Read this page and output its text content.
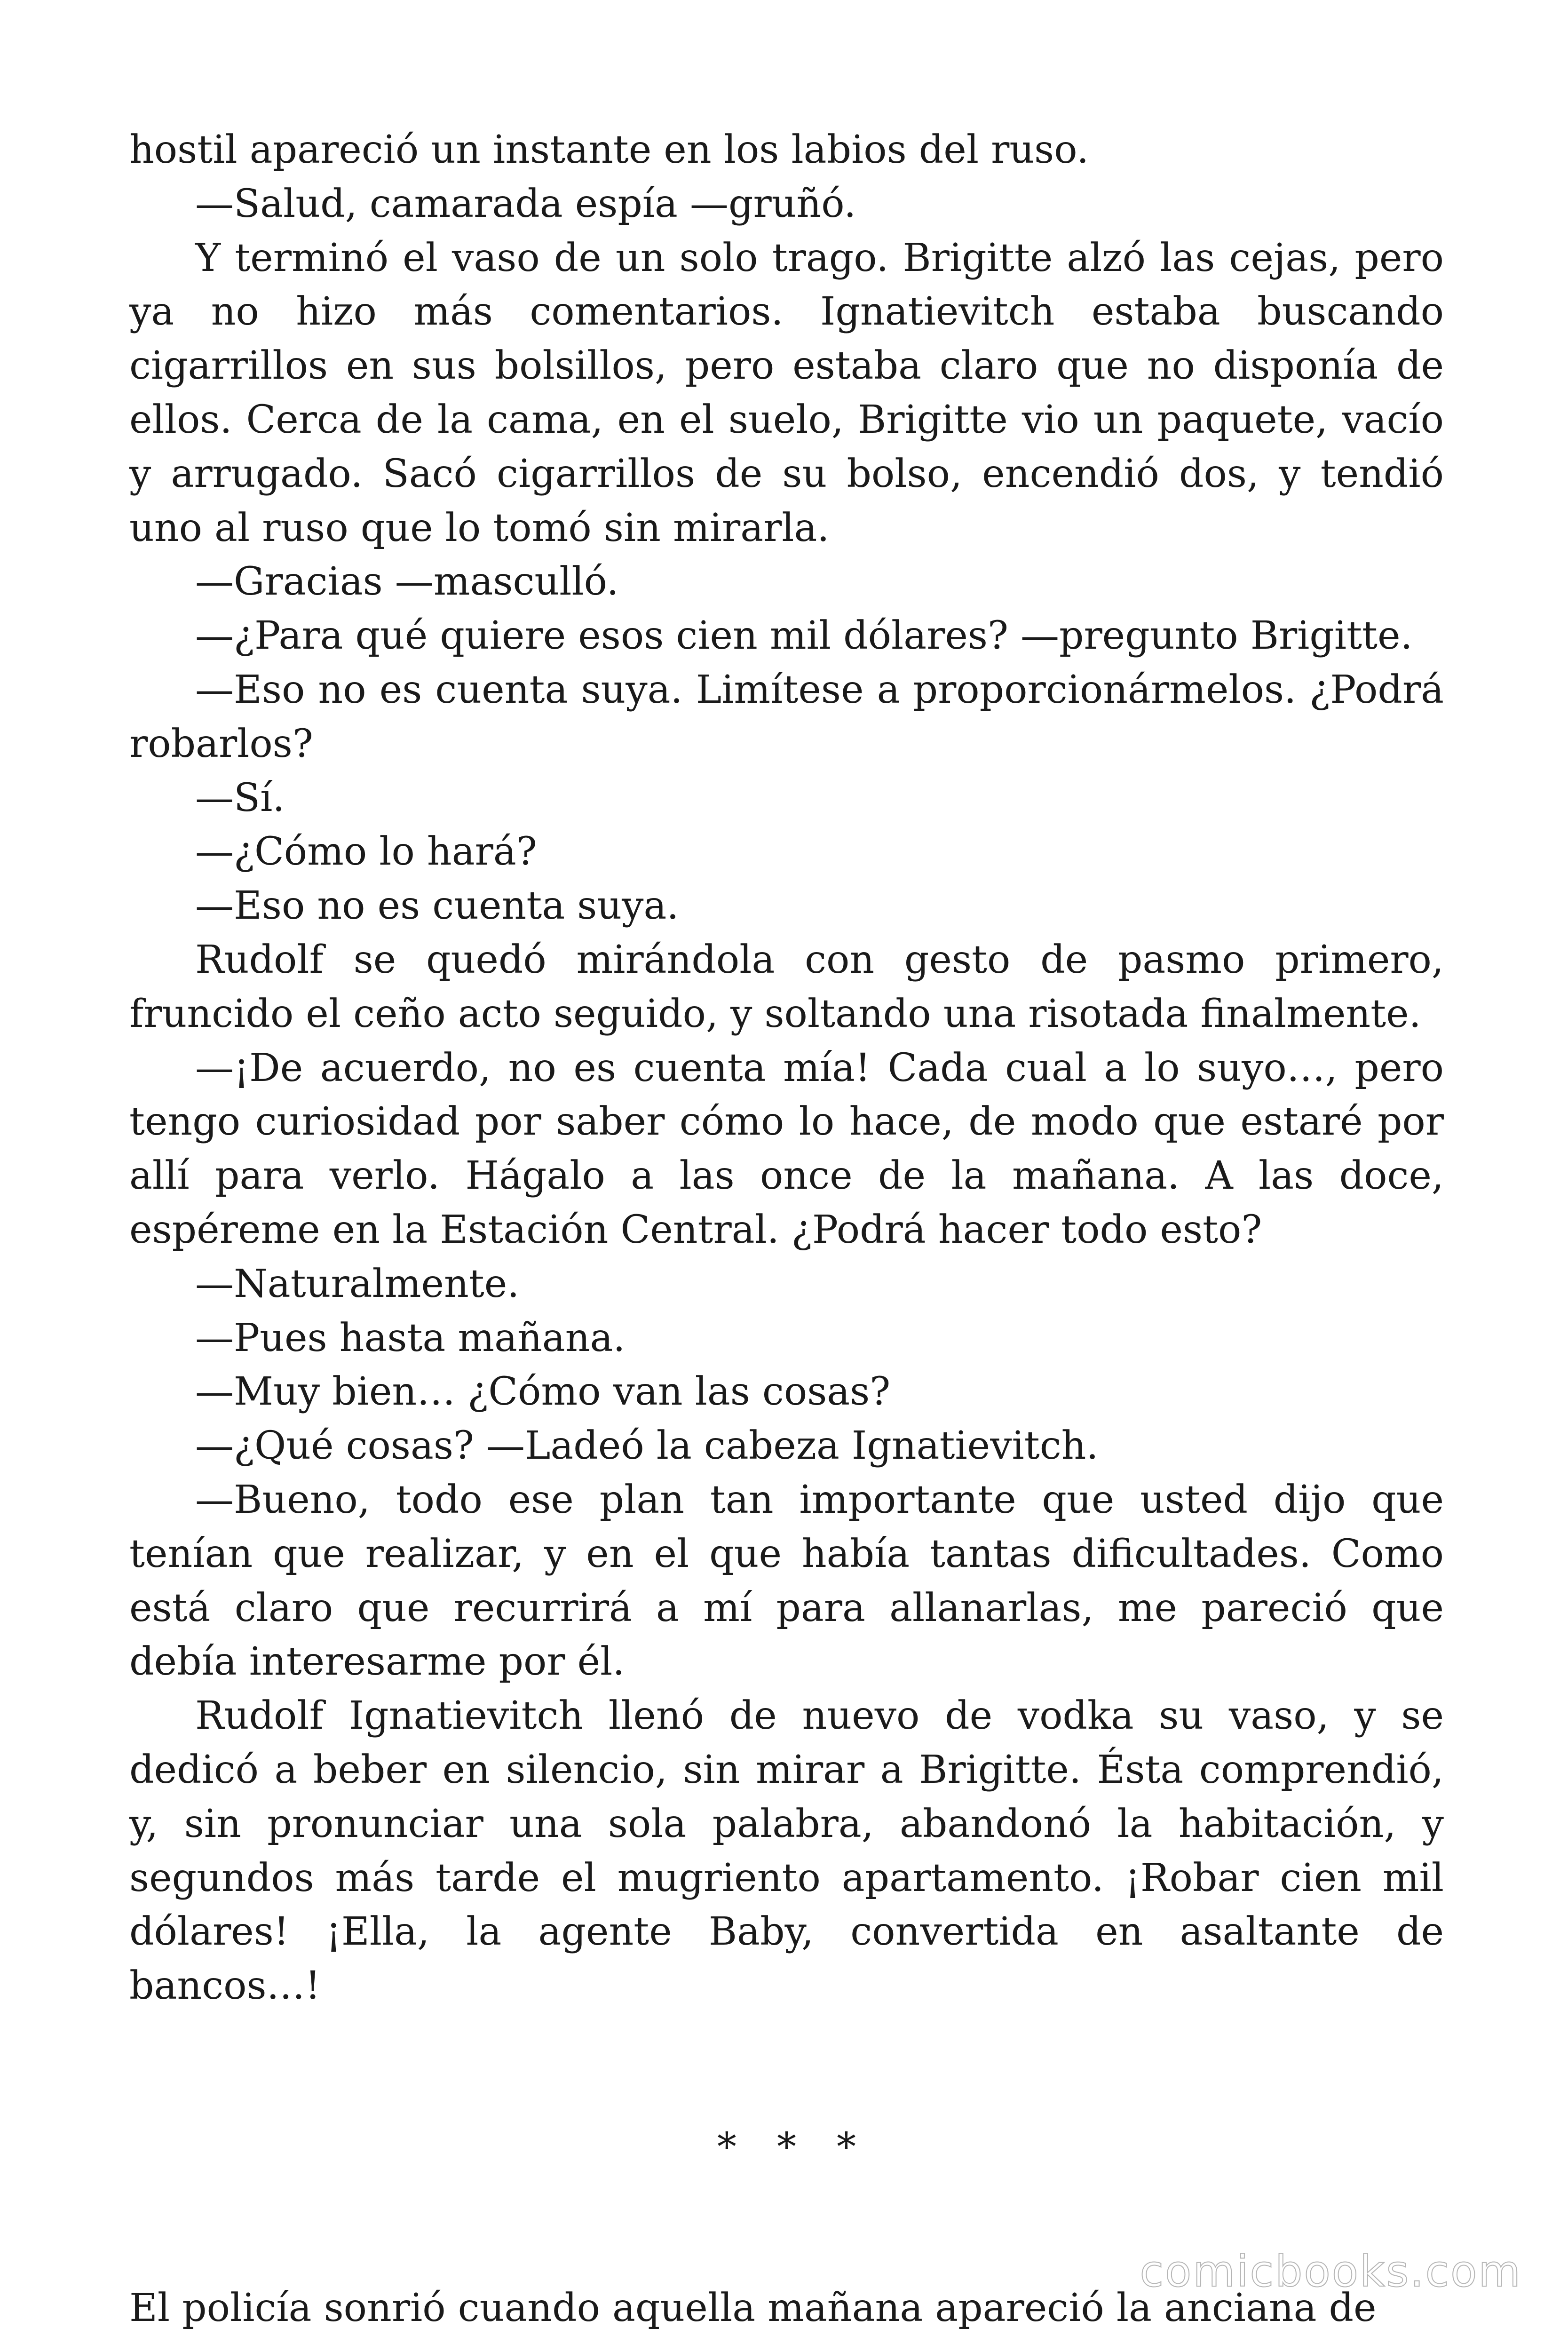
hostil apareció un instante en los labios del ruso.

—Salud, camarada espía —gruñó.

Y terminó el vaso de un solo trago. Brigitte alzó las cejas, pero ya no hizo más comentarios. Ignatievitch estaba buscando cigarrillos en sus bolsillos, pero estaba claro que no disponía de ellos. Cerca de la cama, en el suelo, Brigitte vio un paquete, vacío y arrugado. Sacó cigarrillos de su bolso, encendió dos, y tendió uno al ruso que lo tomó sin mirarla.

—Gracias —masculló.

—¿Para qué quiere esos cien mil dólares? —pregunto Brigitte.

—Eso no es cuenta suya. Limítese a proporcionármelos. ¿Podrá robarlos?

—Sí.

—¿Cómo lo hará?

—Eso no es cuenta suya.

Rudolf se quedó mirándola con gesto de pasmo primero, fruncido el ceño acto seguido, y soltando una risotada finalmente.

—¡De acuerdo, no es cuenta mía! Cada cual a lo suyo…, pero tengo curiosidad por saber cómo lo hace, de modo que estaré por allí para verlo. Hágalo a las once de la mañana. A las doce, espéreme en la Estación Central. ¿Podrá hacer todo esto?

—Naturalmente.

—Pues hasta mañana.

—Muy bien… ¿Cómo van las cosas?

—¿Qué cosas? —Ladeó la cabeza Ignatievitch.

—Bueno, todo ese plan tan importante que usted dijo que tenían que realizar, y en el que había tantas dificultades. Como está claro que recurrirá a mí para allanarlas, me pareció que debía interesarme por él.

Rudolf Ignatievitch llenó de nuevo de vodka su vaso, y se dedicó a beber en silencio, sin mirar a Brigitte. Ésta comprendió, y, sin pronunciar una sola palabra, abandonó la habitación, y segundos más tarde el mugriento apartamento. ¡Robar cien mil dólares! ¡Ella, la agente Baby, convertida en asaltante de bancos…!

* * *

El policía sonrió cuando aquella mañana apareció la anciana de

comicbooks.com
